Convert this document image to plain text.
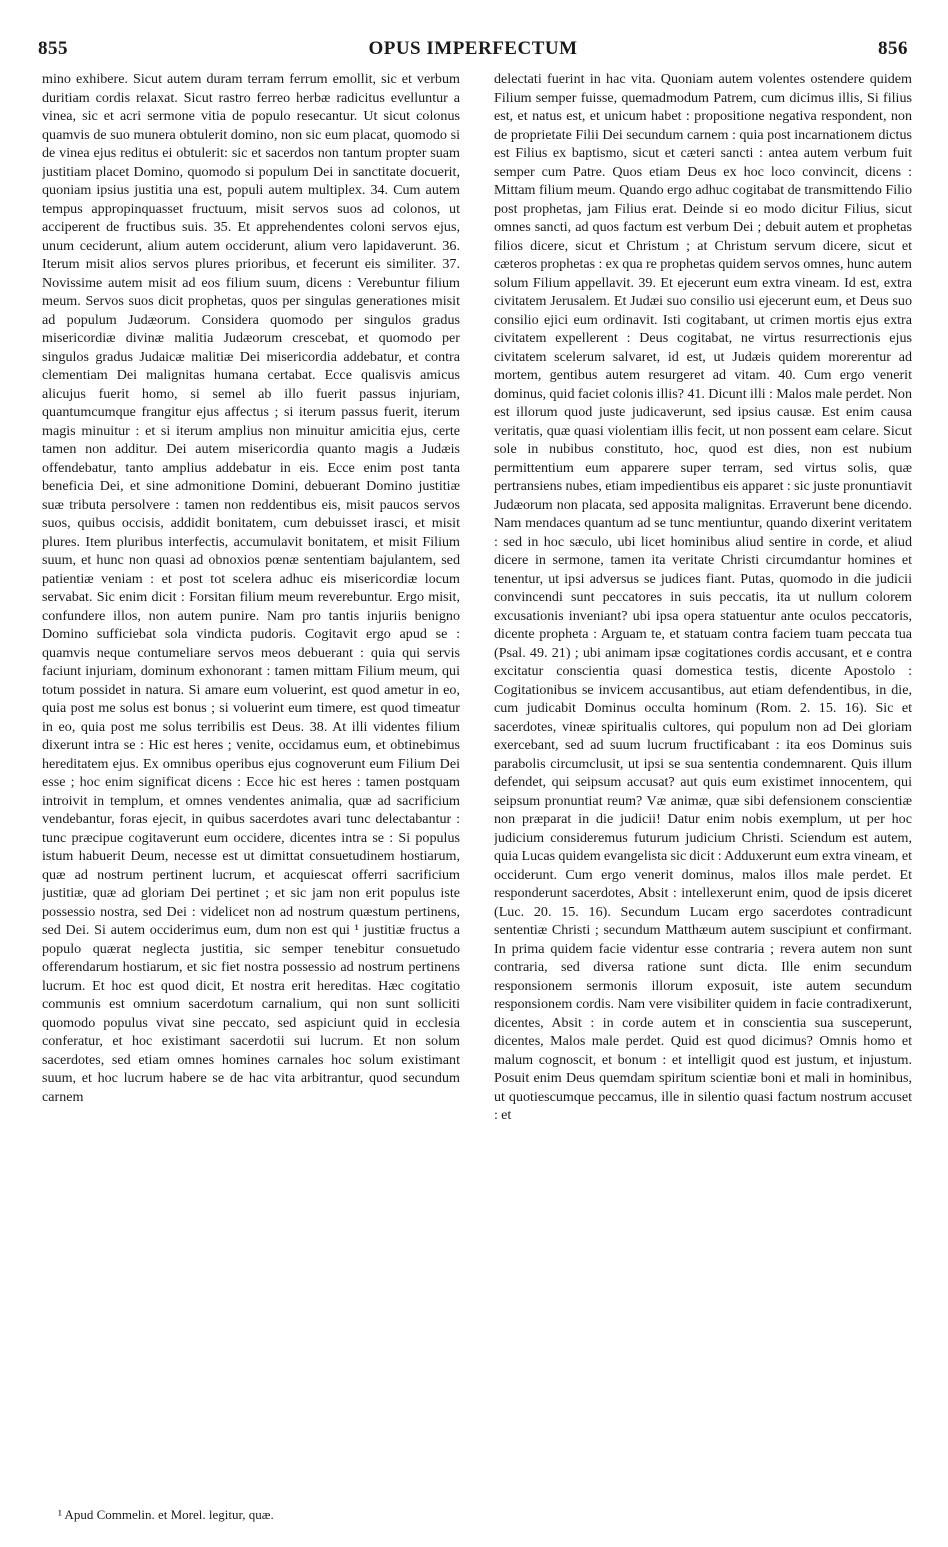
855	OPUS IMPERFECTUM	856

mino exhibere. Sicut autem duram terram ferrum emollit, sic et verbum duritiam cordis relaxat. Sicut rastro ferreo herbæ radicitus evelluntur a vinea, sic et acri sermone vitia de populo resecantur. Ut sicut colonus quamvis de suo munera obtulerit domino, non sic eum placat, quomodo si de vinea ejus reditus ei obtulerit: sic et sacerdos non tantum propter suam justitiam placet Domino, quomodo si populum Dei in sanctitate docuerit, quoniam ipsius justitia una est, populi autem multiplex. 34. Cum autem tempus appropinquasset fructuum, misit servos suos ad colonos, ut acciperent de fructibus suis. 35. Et apprehendentes coloni servos ejus, unum ceciderunt, alium autem occiderunt, alium vero lapidaverunt. 36. Iterum misit alios servos plures prioribus, et fecerunt eis similiter. 37. Novissime autem misit ad eos filium suum, dicens : Verebuntur filium meum. Servos suos dicit prophetas, quos per singulas generationes misit ad populum Judæorum. Considera quomodo per singulos gradus misericordiæ divinæ malitia Judæorum crescebat, et quomodo per singulos gradus Judaicæ malitiæ Dei misericordia addebatur, et contra clementiam Dei malignitas humana certabat. Ecce qualisvis amicus alicujus fuerit homo, si semel ab illo fuerit passus injuriam, quantumcumque frangitur ejus affectus ; si iterum passus fuerit, iterum magis minuitur : et si iterum amplius non minuitur amicitia ejus, certe tamen non additur. Dei autem misericordia quanto magis a Judæis offendebatur, tanto amplius addebatur in eis. Ecce enim post tanta beneficia Dei, et sine admonitione Domini, debuerant Domino justitiæ suæ tributa persolvere : tamen non reddentibus eis, misit paucos servos suos, quibus occisis, addidit bonitatem, cum debuisset irasci, et misit plures. Item pluribus interfectis, accumulavit bonitatem, et misit Filium suum, et hunc non quasi ad obnoxios pœnæ sententiam bajulantem, sed patientiæ veniam : et post tot scelera adhuc eis misericordiæ locum servabat. Sic enim dicit : Forsitan filium meum reverebuntur. Ergo misit, confundere illos, non autem punire. Nam pro tantis injuriis benigno Domino sufficiebat sola vindicta pudoris. Cogitavit ergo apud se : quamvis neque contumeliare servos meos debuerant : quia qui servis faciunt injuriam, dominum exhonorant : tamen mittam Filium meum, qui totum possidet in natura. Si amare eum voluerint, est quod ametur in eo, quia post me solus est bonus ; si voluerint eum timere, est quod timeatur in eo, quia post me solus terribilis est Deus. 38. At illi videntes filium dixerunt intra se : Hic est heres ; venite, occidamus eum, et obtinebimus hereditatem ejus. Ex omnibus operibus ejus cognoverunt eum Filium Dei esse ; hoc enim significat dicens : Ecce hic est heres : tamen postquam introivit in templum, et omnes vendentes animalia, quæ ad sacrificium vendebantur, foras ejecit, in quibus sacerdotes avari tunc delectabantur : tunc præcipue cogitaverunt eum occidere, dicentes intra se : Si populus istum habuerit Deum, necesse est ut dimittat consuetudinem hostiarum, quæ ad nostrum pertinent lucrum, et acquiescat offerri sacrificium justitiæ, quæ ad gloriam Dei pertinet ; et sic jam non erit populus iste possessio nostra, sed Dei : videlicet non ad nostrum quæstum pertinens, sed Dei. Si autem occiderimus eum, dum non est qui ¹ justitiæ fructus a populo quærat neglecta justitia, sic semper tenebitur consuetudo offerendarum hostiarum, et sic fiet nostra possessio ad nostrum pertinens lucrum. Et hoc est quod dicit, Et nostra erit hereditas. Hæc cogitatio communis est omnium sacerdotum carnalium, qui non sunt solliciti quomodo populus vivat sine peccato, sed aspiciunt quid in ecclesia conferatur, et hoc existimant sacerdotii sui lucrum. Et non solum sacerdotes, sed etiam omnes homines carnales hoc solum existimant suum, et hoc lucrum habere se de hac vita arbitrantur, quod secundum carnem

delectati fuerint in hac vita. Quoniam autem volentes ostendere quidem Filium semper fuisse, quemadmodum Patrem, cum dicimus illis, Si filius est, et natus est, et unicum habet : propositione negativa respondent, non de proprietate Filii Dei secundum carnem : quia post incarnationem dictus est Filius ex baptismo, sicut et cæteri sancti : antea autem verbum fuit semper cum Patre. Quos etiam Deus ex hoc loco convincit, dicens : Mittam filium meum. Quando ergo adhuc cogitabat de transmittendo Filio post prophetas, jam Filius erat. Deinde si eo modo dicitur Filius, sicut omnes sancti, ad quos factum est verbum Dei ; debuit autem et prophetas filios dicere, sicut et Christum ; at Christum servum dicere, sicut et cæteros prophetas : ex qua re prophetas quidem servos omnes, hunc autem solum Filium appellavit. 39. Et ejecerunt eum extra vineam. Id est, extra civitatem Jerusalem. Et Judæi suo consilio usi ejecerunt eum, et Deus suo consilio ejici eum ordinavit. Isti cogitabant, ut crimen mortis ejus extra civitatem expellerent : Deus cogitabat, ne virtus resurrectionis ejus civitatem scelerum salvaret, id est, ut Judæis quidem morerentur ad mortem, gentibus autem resurgeret ad vitam. 40. Cum ergo venerit dominus, quid faciet colonis illis? 41. Dicunt illi : Malos male perdet. Non est illorum quod juste judicaverunt, sed ipsius causæ. Est enim causa veritatis, quæ quasi violentiam illis fecit, ut non possent eam celare. Sicut sole in nubibus constituto, hoc, quod est dies, non est nubium permittentium eum apparere super terram, sed virtus solis, quæ pertransiens nubes, etiam impedientibus eis apparet : sic juste pronuntiavit Judæorum non placata, sed apposita malignitas. Erraverunt bene dicendo. Nam mendaces quantum ad se tunc mentiuntur, quando dixerint veritatem : sed in hoc sæculo, ubi licet hominibus aliud sentire in corde, et aliud dicere in sermone, tamen ita veritate Christi circumdantur homines et tenentur, ut ipsi adversus se judices fiant. Putas, quomodo in die judicii convincendi sunt peccatores in suis peccatis, ita ut nullum colorem excusationis inveniant? ubi ipsa opera statuentur ante oculos peccatoris, dicente propheta : Arguam te, et statuam contra faciem tuam peccata tua (Psal. 49. 21) ; ubi animam ipsæ cogitationes cordis accusant, et e contra excitatur conscientia quasi domestica testis, dicente Apostolo : Cogitationibus se invicem accusantibus, aut etiam defendentibus, in die, cum judicabit Dominus occulta hominum (Rom. 2. 15. 16). Sic et sacerdotes, vineæ spiritualis cultores, qui populum non ad Dei gloriam exercebant, sed ad suum lucrum fructificabant : ita eos Dominus suis parabolis circumclusit, ut ipsi se sua sententia condemnarent. Quis illum defendet, qui seipsum accusat? aut quis eum existimet innocentem, qui seipsum pronuntiat reum? Væ animæ, quæ sibi defensionem conscientiæ non præparat in die judicii! Datur enim nobis exemplum, ut per hoc judicium consideremus futurum judicium Christi. Sciendum est autem, quia Lucas quidem evangelista sic dicit : Adduxerunt eum extra vineam, et occiderunt. Cum ergo venerit dominus, malos illos male perdet. Et responderunt sacerdotes, Absit : intellexerunt enim, quod de ipsis diceret (Luc. 20. 15. 16). Secundum Lucam ergo sacerdotes contradicunt sententiæ Christi ; secundum Matthæum autem suscipiunt et confirmant. In prima quidem facie videntur esse contraria ; revera autem non sunt contraria, sed diversa ratione sunt dicta. Ille enim secundum responsionem sermonis illorum exposuit, iste autem secundum responsionem cordis. Nam vere visibiliter quidem in facie contradixerunt, dicentes, Absit : in corde autem et in conscientia sua susceperunt, dicentes, Malos male perdet. Quid est quod dicimus? Omnis homo et malum cognoscit, et bonum : et intelligit quod est justum, et injustum. Posuit enim Deus quemdam spiritum scientiæ boni et mali in hominibus, ut quotiescumque peccamus, ille in silentio quasi factum nostrum accuset : et

¹ Apud Commelin. et Morel. legitur, quæ.
